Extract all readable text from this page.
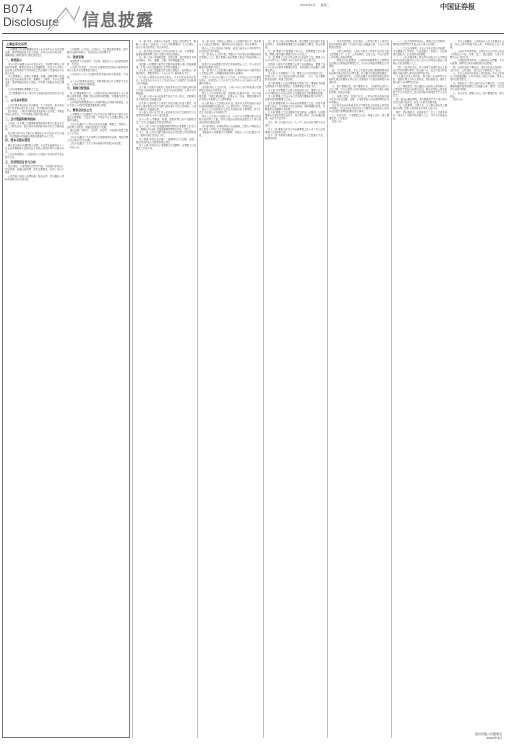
B074
Disclosure 信息披露
2020年4月 星期二	中国证券报
上海证券交易所
公司董事会及全体董事保证本公告内容不存在任何虚假记载、误导性陈述或者重大遗漏，并对其内容的真实性、准确性和完整性承担个别及连带责任。
一、重要提示
本年度报告摘要来自年度报告全文，为全面了解本公司的经营成果、财务状况及未来发展规划，投资者应当到上海证券交易所网站等中国证监会指定媒体上仔细阅读年度报告全文。
本公司董事会、监事会及董事、监事、高级管理人员保证年度报告内容的真实性、准确性、完整性，不存在虚假记载、误导性陈述或重大遗漏，并承担个别和连带的法律责任。
公司全体董事出席董事会会议。
会计师事务所为本公司出具了标准无保留意见的审计报告。
二、公司基本情况
公司主要业务包括产品的研发、生产和销售，报告期内公司主营业务未发生重大变化，经营模式保持稳定。
报告期内，公司持续推进技术创新和产品升级，不断提升核心竞争力，主营业务收入保持稳定增长。
三、会计数据和财务指标
公司近三年主要会计数据和财务指标详见年度报告全文第二节相关内容。报告期内各项指标均按企业会计准则编制。
报告期分季度的主要会计数据已在年度报告全文中披露，季度数据与已披露定期报告数据不存在差异。
四、股本及股东情况
截止报告期末普通股股东总数、年度报告披露日前上一月末的普通股股东总数及前十名股东情况详见年度报告全文。
公司与控股股东、实际控制人之间的产权及控制关系未发生变化。
五、经营情况讨论与分析
报告期内，公司围绕年度经营目标，坚持稳中求进的工作总基调，加强内部管理，优化资源配置，各项工作有序推进。
公司不断完善法人治理结构，规范运作，切实维护公司和全体股东的合法权益。
公司按照《公司法》《证券法》等法律法规的要求，建立健全内部控制制度，持续提升公司治理水平。
六、重要事项
导致暂停上市的原因：不适用。面临终止上市的情况和原因：不适用。
公司对会计政策、会计估计变更原因及影响的分析说明详见年度报告全文财务报告部分。
公司对重大会计差错更正原因及影响的分析说明：不适用。
与上年度财务报告相比，对财务报表合并范围发生变化的，公司应当作出具体说明。
七、利润分配预案
经会计师事务所审计，公司报告期内实现归属于上市公司股东的净利润，董事会拟定利润分配预案，本预案尚需提交公司股东大会审议。
公司利润分配预案符合公司章程规定的利润分配政策，充分考虑了公司经营发展需要和股东回报。
八、董事会决议公告
公司董事会会议通知于会议召开前以书面及电子邮件方式送达全体董事，会议的召集、召开符合有关法律法规及公司章程的规定。
会议审议通过了公司年度报告及摘要、董事会工作报告、总经理工作报告、财务决算报告等议案。
表决结果：同意票，反对票，弃权票。本议案尚需提交股东大会审议。
会议审议通过了关于续聘会计师事务所的议案，同意续聘其为公司年度审计机构。
会议审议通过了关于公司内部控制评价报告的议案。
特此公告。
第一条 为进一步规范公司运作，提高公司治理水平，根据《公司法》《证券法》《上市公司治理准则》等有关规定，结合公司实际情况，制定本制度。
第二条 本制度适用于公司及其控股子公司。公司董事、监事和高级管理人员应当遵守本制度的规定。
第三条 公司应当按照法律、行政法规、部门规章及本制度的规定，真实、准确、完整、及时地披露信息。
第四条 公司董事会秘书负责组织和协调公司信息披露事务，汇集公司应予披露的信息并报告董事会。
第五条 公司信息披露文件包括定期报告、临时报告、招股说明书、募集说明书、上市公告书、收购报告书等。
第六条 定期报告包括年度报告、半年度报告和季度报告。年度报告应当在每个会计年度结束之日起四个月内编制完成并披露。
第七条 公司发生可能对公司证券及其衍生品种交易价格产生较大影响的重大事件，投资者尚未得知时，公司应当立即披露。
第八条 公司应当在最先发生的以下任一时点，及时履行重大事件的信息披露义务。
第九条 公司控股子公司发生本制度规定的重大事件，可能对公司证券及其衍生品种交易价格产生较大影响的，公司应当履行信息披露义务。
第十条 公司应当关注本公司证券及其衍生品种的异常交易情况及媒体关于本公司的报道。
第十一条 公司董事、监事、高级管理人员应当勤勉尽责，关注信息披露文件的编制情况。
第十二条 公司信息披露事务管理制度由董事会负责实施，董事长为实施信息披露事务管理制度的第一责任人。
第十三条 公司应当建立健全内幕信息知情人登记管理制度，做好内幕信息保密工作。
第十四条 本制度未尽事宜，按照国家有关法律、法规、规范性文件和公司章程的规定执行。
第十五条 本制度由公司董事会负责解释，自董事会审议通过之日起生效。
第一章 总则。为规范公司股东大会的组织和行为，保证股东大会依法行使职权，维护股东的合法权益，制定本规则。
股东大会是公司的权力机构，依法行使决定公司的经营方针和投资计划等职权。
第二章 股东大会的召集。董事会应当在规定的期限内按时召集股东大会。独立董事有权向董事会提议召开临时股东大会。
监事会有权向董事会提议召开临时股东大会，并应当以书面形式向董事会提出。
第三章 股东大会的提案与通知。提案的内容应当属于股东大会职权范围，有明确议题和具体决议事项。
召集人应当在年度股东大会召开二十日前以公告方式通知各股东，临时股东大会应当于会议召开十五日前以公告方式通知各股东。
第四章 股东大会的召开。公司应当在公司住所地或公司章程规定的地点召开股东大会。
股东大会应当设置会场，以现场会议形式召开，并应当按照法律、行政法规的规定，采用安全、经济、便捷的网络方式为股东参加股东大会提供便利。
第五章 股东大会的表决和决议。股东以其所代表的有表决权的股份数额行使表决权，每一股份享有一票表决权。
股东大会审议影响中小投资者利益的重大事项时，对中小投资者的表决应当单独计票。
股东大会决议应当及时公告，公告中应当列明出席会议的股东和代理人人数、所持有表决权的股份总数及占公司有表决权股份总数的比例。
第六章 附则。本规则所称公告或通知，是指在中国证监会指定报刊上刊登有关信息披露内容。
本规则由公司董事会负责解释，经股东大会审议通过后生效。
第一条 为完善公司治理结构，规范董事会的议事方式和决策程序，促使董事和董事会有效地履行其职责，制定本规则。
第二条 董事会下设董事会办公室，处理董事会日常事务。董事会秘书兼任董事会办公室负责人。
第三条 董事会会议分为定期会议和临时会议。董事会每年应当至少在上下两个半年度各召开一次定期会议。
第四条 在发出召开董事会定期会议的通知前，董事会办公室应当充分征求各董事的意见，初步形成会议提案后交董事长拟定。
第五条 有下列情形之一的，董事会应当召开临时会议：代表十分之一以上表决权的股东提议时；三分之一以上董事联名提议时；监事会提议时。
第六条 董事会会议由董事长召集和主持；董事长不能履行职务或者不履行职务的，由副董事长召集和主持。
第七条 召开董事会定期会议和临时会议，董事会办公室应当分别提前十日和五日将会议通知送达全体董事和监事。
第八条 董事会会议应当有过半数的董事出席方可举行。监事可以列席董事会会议。
第九条 董事原则上应当亲自出席董事会会议。因故不能出席会议的，应当事先审阅会议材料，形成明确的意见，书面委托其他董事代为出席。
第十条 董事会会议以现场召开为原则。必要时，在保障董事充分表达意见的前提下，经召集人同意，也可以通过视频、电话等方式召开。
第十一条 会议表决实行一人一票，以记名和书面等方式进行。
第十二条 董事会秘书应当安排董事会办公室工作人员对董事会会议做好记录。
第十三条 本规则由董事会制订报股东大会批准后生效，修改时亦同。
一、对外担保情况。报告期内，公司及控股子公司对外担保均按规定履行了审议程序和信息披露义务，不存在违规担保的情形。
二、关联交易情况。公司与关联方之间发生的日常关联交易遵循公平、公正、公开的原则，定价公允，不存在损害公司及股东利益的情形。
三、募集资金使用情况。公司严格按照募集资金管理办法的规定存放和使用募集资金，不存在违规使用募集资金的情形。
四、会计政策变更。本次会计政策变更是根据财政部发布的相关规定进行的合理变更，符合相关法律法规的要求。
五、内部控制评价。公司已按照企业内部控制规范体系和相关规定的要求在所有重大方面保持了有效的财务报告内部控制。
六、独立董事意见。独立董事认为，上述事项决策程序合法合规，不存在损害公司及全体股东特别是中小股东利益的情形，同意该议案。
七、监事会意见。监事会认为，公司年度报告的编制和审议程序符合法律、法规、公司章程和公司内部管理制度的各项规定。
年度报告的内容和格式符合中国证监会和证券交易所的各项规定，所包含的信息能从各个方面真实地反映出公司当年度的经营管理和财务状况等事项。
八、备查文件。公司董事会决议；监事会决议；独立董事意见；审计报告。
特此公告。
（一）会议召开时间及地点。现场会议召开时间、网络投票时间及召开地点以公司公告为准。
（二）会议审议事项。审议公司年度报告及摘要；审议董事会工作报告；审议监事会工作报告；审议财务决算报告；审议利润分配预案。
（三）会议出席对象。股权登记日收市后在中国证券登记结算有限责任公司上海分公司登记在册的公司股东有权出席股东大会。
（四）会议登记方法。符合出席会议条件的法人股东持营业执照复印件、股东账户卡、法定代表人授权委托书和出席人身份证办理登记手续。
个人股东持本人身份证、股东账户卡办理登记手续；委托代理人持本人身份证、授权委托书、委托人股东账户卡办理登记手续。
（五）网络投票。股东通过上海证券交易所股东大会网络投票系统行使表决权的，既可以登陆交易系统投票平台进行投票，也可以登陆互联网投票平台进行投票。
同一表决权通过现场、本所网络投票平台或其他方式重复进行表决的，以第一次投票结果为准。
（六）其他事项。会期半天，与会股东食宿及交通费用自理。联系人及联系方式详见公司公告。
附件：授权委托书。兹委托先生（女士）代表本单位（或本人）出席召开的股东大会，并代为行使表决权。
一、本次交易概述。公司拟以自有资金开展本次交易，本次交易不构成关联交易，不构成重大资产重组。
二、交易对方基本情况。交易对方与公司及公司前十名股东在产权、业务、资产、债权债务、人员等方面不存在关联关系。
三、交易标的基本情况。交易标的产权清晰，不存在抵押、质押及其他任何限制转让的情况。
四、交易协议的主要内容。协议各方就交易价格、支付方式、交付安排、违约责任等事项进行了约定。
五、本次交易的目的和对公司的影响。本次交易符合公司发展战略，有利于优化公司资产结构，提升公司持续经营能力。
六、风险提示。本次交易尚存在不确定性，公司将根据进展情况及时履行信息披露义务，敬请广大投资者注意投资风险。
七、备查文件。董事会决议；独立董事意见；相关协议。
特此公告。
股份有限公司董事会
2020年4月
